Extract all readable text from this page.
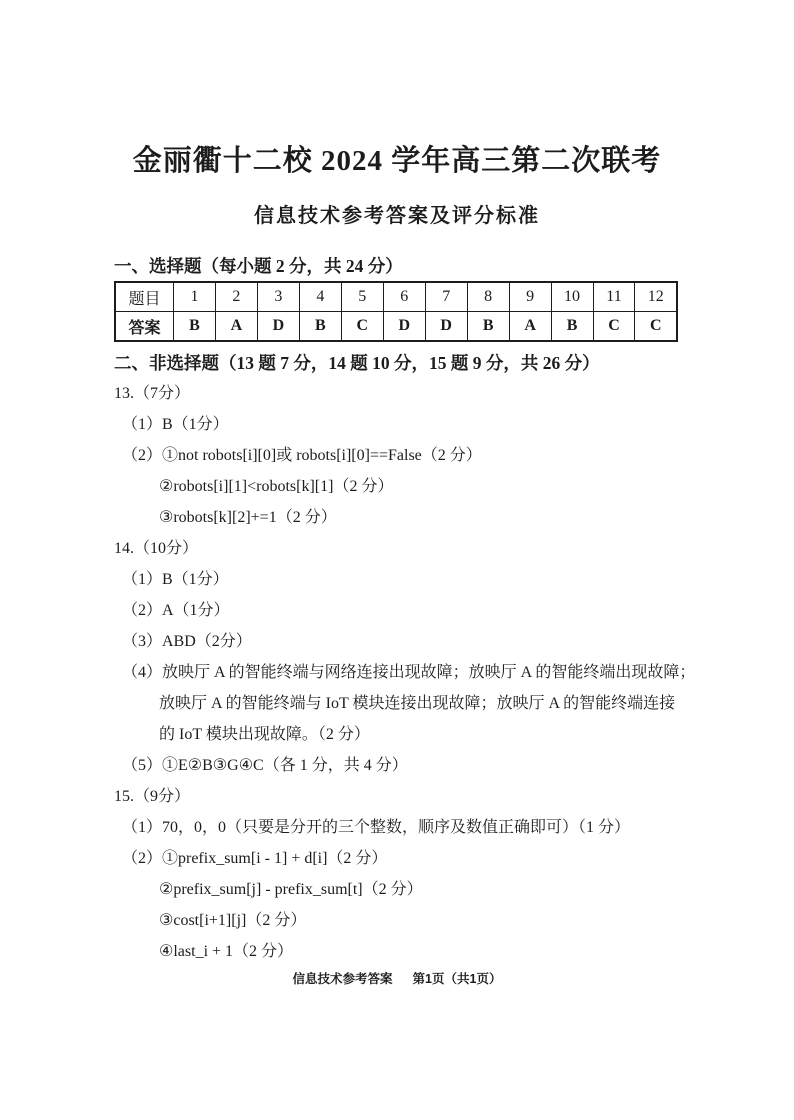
金丽衢十二校 2024 学年高三第二次联考
信息技术参考答案及评分标准
一、选择题（每小题 2 分，共 24 分）
题目	1	2	3	4	5	6	7	8	9	10	11	12
答案	B	A	D	B	C	D	D	B	A	B	C	C
二、非选择题（13 题 7 分，14 题 10 分，15 题 9 分，共 26 分）
13.（7分）
（1）B（1分）
（2）①not robots[i][0]或 robots[i][0]==False（2 分）
②robots[i][1]<robots[k][1]（2 分）
③robots[k][2]+=1（2 分）
14.（10分）
（1）B（1分）
（2）A（1分）
（3）ABD（2分）
（4）放映厅 A 的智能终端与网络连接出现故障；放映厅 A 的智能终端出现故障；
放映厅 A 的智能终端与 IoT 模块连接出现故障；放映厅 A 的智能终端连接
的 IoT 模块出现故障。（2 分）
（5）①E②B③G④C（各 1 分，共 4 分）
15.（9分）
（1）70，0，0（只要是分开的三个整数，顺序及数值正确即可）（1 分）
（2）①prefix_sum[i - 1] + d[i]（2 分）
②prefix_sum[j] - prefix_sum[t]（2 分）
③cost[i+1][j]（2 分）
④last_i + 1（2 分）
信息技术参考答案 第1页（共1页）
